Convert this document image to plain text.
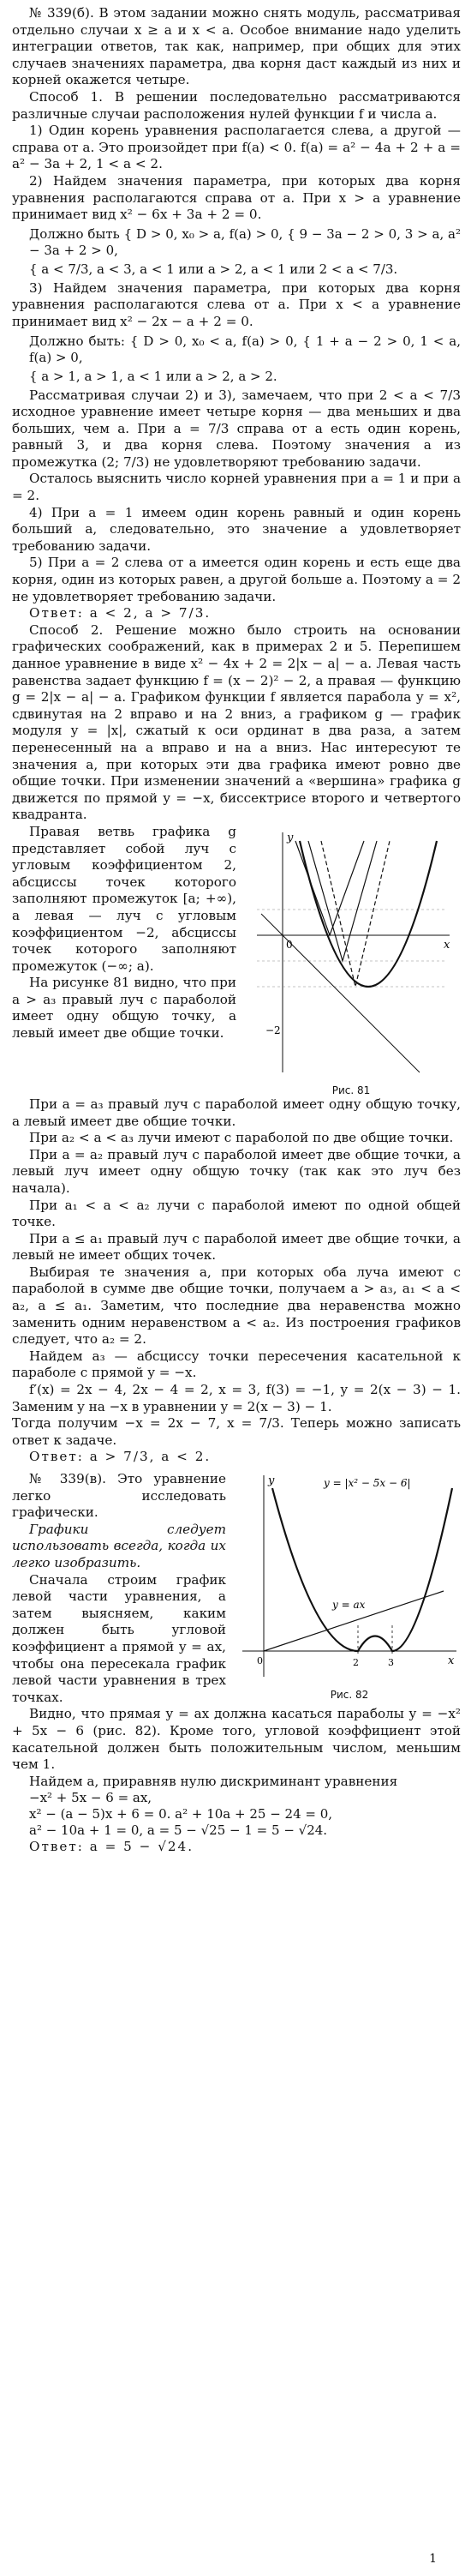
№ 339(б). В этом задании можно снять модуль, рассматривая отдельно случаи x ≥ a и x < a. Особое внимание надо уделить интеграции ответов, так как, например, при общих для этих случаев значениях параметра, два корня даст каждый из них и корней окажется четыре.

Способ 1. В решении последовательно рассматриваются различные случаи расположения нулей функции f и числа a.

1) Один корень уравнения располагается слева, а другой — справа от a. Это произойдет при f(a) < 0. f(a) = a² − 4a + 2 + a = a² − 3a + 2, 1 < a < 2.

2) Найдем значения параметра, при которых два корня уравнения располагаются справа от a. При x > a уравнение принимает вид x² − 6x + 3a + 2 = 0.

Должно быть { D > 0, x₀ > a, f(a) > 0, { 9 − 3a − 2 > 0, 3 > a, a² − 3a + 2 > 0,

{ a < 7/3, a < 3, a < 1 или a > 2, a < 1 или 2 < a < 7/3.

3) Найдем значения параметра, при которых два корня уравнения располагаются слева от a. При x < a уравнение принимает вид x² − 2x − a + 2 = 0.

Должно быть: { D > 0, x₀ < a, f(a) > 0, { 1 + a − 2 > 0, 1 < a, f(a) > 0,

{ a > 1, a > 1, a < 1 или a > 2, a > 2.

Рассматривая случаи 2) и 3), замечаем, что при 2 < a < 7/3 исходное уравнение имеет четыре корня — два меньших и два больших, чем a. При a = 7/3 справа от a есть один корень, равный 3, и два корня слева. Поэтому значения a из промежутка (2; 7/3) не удовлетворяют требованию задачи.

Осталось выяснить число корней уравнения при a = 1 и при a = 2.

4) При a = 1 имеем один корень равный и один корень больший a, следовательно, это значение a удовлетворяет требованию задачи.

5) При a = 2 слева от a имеется один корень и есть еще два корня, один из которых равен, а другой больше a. Поэтому a = 2 не удовлетворяет требованию задачи.

Ответ: a < 2, a > 7/3.

Способ 2. Решение можно было строить на основании графических соображений, как в примерах 2 и 5. Перепишем данное уравнение в виде x² − 4x + 2 = 2|x − a| − a. Левая часть равенства задает функцию f = (x − 2)² − 2, а правая — функцию g = 2|x − a| − a. Графиком функции f является парабола y = x², сдвинутая на 2 вправо и на 2 вниз, а графиком g — график модуля y = |x|, сжатый к оси ординат в два раза, а затем перенесенный на a вправо и на a вниз. Нас интересуют те значения a, при которых эти два графика имеют ровно две общие точки. При изменении значений a «вершина» графика g движется по прямой y = −x, биссектрисе второго и четвертого квадранта.

Правая ветвь графика g представляет собой луч с угловым коэффициентом 2, абсциссы точек которого заполняют промежуток [a; +∞), а левая — луч с угловым коэффициентом −2, абсциссы точек которого заполняют промежуток (−∞; a).

На рисунке 81 видно, что при a > a₃ правый луч с параболой имеет одну общую точку, а левый имеет две общие точки.

x
y
0
−2
Рис. 81

При a = a₃ правый луч с параболой имеет одну общую точку, а левый имеет две общие точки.

При a₂ < a < a₃ лучи имеют с параболой по две общие точки.

При a = a₂ правый луч с параболой имеет две общие точки, а левый луч имеет одну общую точку (так как это луч без начала).

При a₁ < a < a₂ лучи с параболой имеют по одной общей точке.

При a ≤ a₁ правый луч с параболой имеет две общие точки, а левый не имеет общих точек.

Выбирая те значения a, при которых оба луча имеют с параболой в сумме две общие точки, получаем a > a₃, a₁ < a < a₂, a ≤ a₁. Заметим, что последние два неравенства можно заменить одним неравенством a < a₂. Из построения графиков следует, что a₂ = 2.

Найдем a₃ — абсциссу точки пересечения касательной к параболе с прямой y = −x.

f′(x) = 2x − 4, 2x − 4 = 2, x = 3, f(3) = −1, y = 2(x − 3) − 1. Заменим y на −x в уравнении y = 2(x − 3) − 1.

Тогда получим −x = 2x − 7, x = 7/3. Теперь можно записать ответ к задаче.

Ответ: a > 7/3, a < 2.

№ 339(в). Это уравнение легко исследовать графически.

Графики следует использовать всегда, когда их легко изобразить.

Сначала строим график левой части уравнения, а затем выясняем, каким должен быть угловой коэффициент a прямой y = ax, чтобы она пересекала график левой части уравнения в трех точках.

y = |x² − 5x − 6|
y = ax
y
x
0	2	3
Рис. 82

Видно, что прямая y = ax должна касаться параболы y = −x² + 5x − 6 (рис. 82). Кроме того, угловой коэффициент этой касательной должен быть положительным числом, меньшим чем 1.

Найдем a, приравняв нулю дискриминант уравнения

−x² + 5x − 6 = ax,

x² − (a − 5)x + 6 = 0. a² + 10a + 25 − 24 = 0,

a² − 10a + 1 = 0, a = 5 − √25 − 1 = 5 − √24.

Ответ: a = 5 − √24.

1
